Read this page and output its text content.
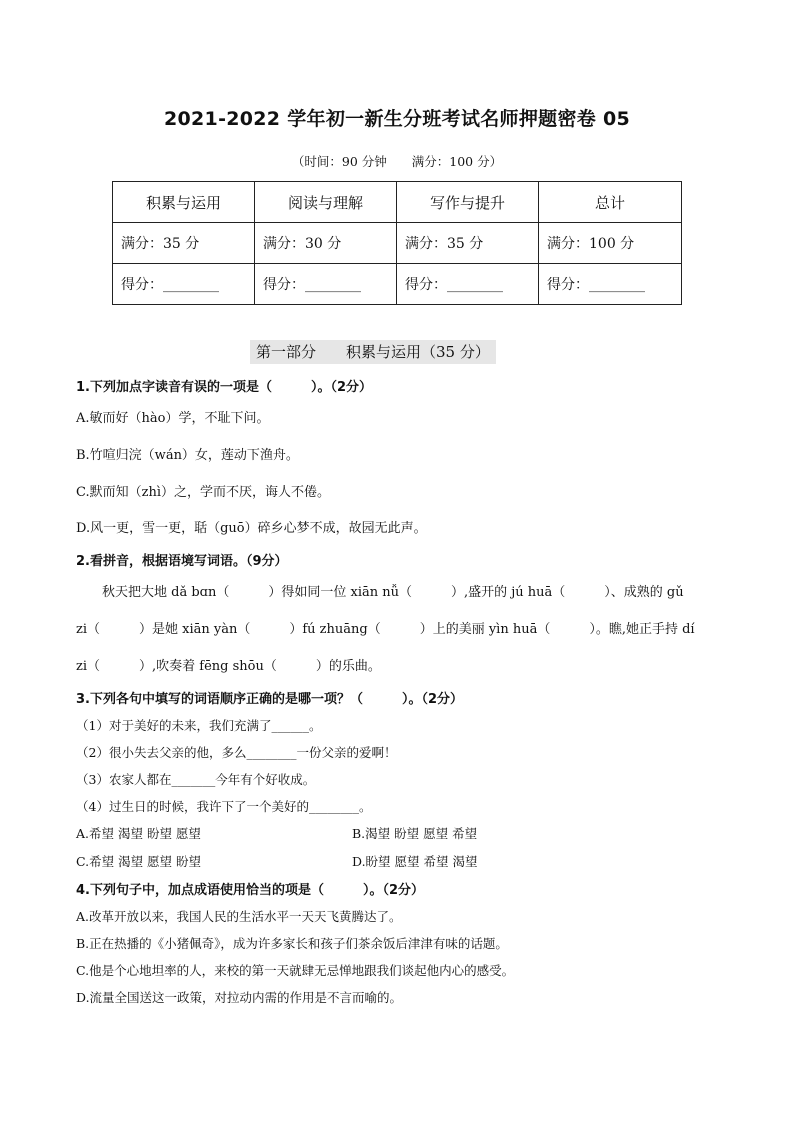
2021-2022 学年初一新生分班考试名师押题密卷 05
（时间：90 分钟　　满分：100 分）
积累与运用	阅读与理解	写作与提升	总计
满分：35 分	满分：30 分	满分：35 分	满分：100 分
得分：________	得分：________	得分：________	得分：________
第一部分　　积累与运用（35 分）
1.下列加点字读音有误的一项是（　　　）。（2分）
A.敏而好（hào）学，不耻下问。
B.竹喧归浣（wán）女，莲动下渔舟。
C.默而知（zhì）之，学而不厌，诲人不倦。
D.风一更，雪一更，聒（guō）碎乡心梦不成，故园无此声。
2.看拼音，根据语境写词语。（9分）
秋天把大地 dǎ bɑn（　　　）得如同一位 xiān nǚ（　　　）,盛开的 jú huā（　　　）、成熟的 gǔ
zi（　　　）是她 xiān yàn（　　　）fú zhuāng（　　　）上的美丽 yìn huā（　　　）。瞧,她正手持 dí
zi（　　　）,吹奏着 fēng shōu（　　　）的乐曲。
3.下列各句中填写的词语顺序正确的是哪一项？（　　　）。（2分）
（1）对于美好的未来，我们充满了______。
（2）很小失去父亲的他，多么________一份父亲的爱啊！
（3）农家人都在_______今年有个好收成。
（4）过生日的时候，我许下了一个美好的________。
A.希望 渴望 盼望 愿望	B.渴望 盼望 愿望 希望
C.希望 渴望 愿望 盼望	D.盼望 愿望 希望 渴望
4.下列句子中，加点成语使用恰当的项是（　　　）。（2分）
A.改革开放以来，我国人民的生活水平一天天飞黄腾达了。
B.正在热播的《小猪佩奇》，成为许多家长和孩子们茶余饭后津津有味的话题。
C.他是个心地坦率的人，来校的第一天就肆无忌惮地跟我们谈起他内心的感受。
D.流量全国送这一政策，对拉动内需的作用是不言而喻的。
